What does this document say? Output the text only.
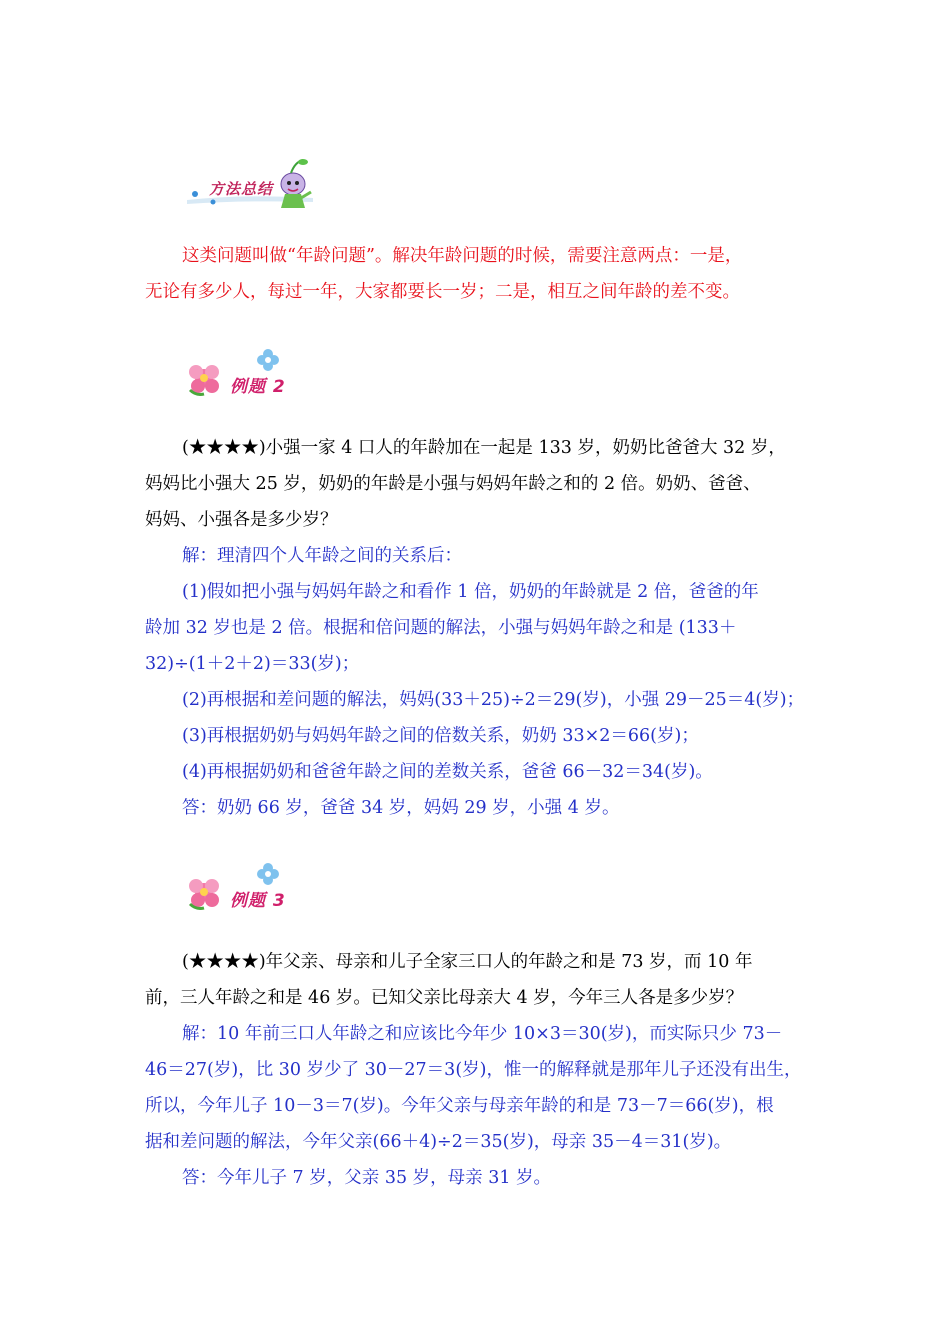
方法总结
这类问题叫做“年龄问题”。解决年龄问题的时候，需要注意两点：一是，
无论有多少人，每过一年，大家都要长一岁；二是，相互之间年龄的差不变。
例题 2
(★★★★)小强一家 4 口人的年龄加在一起是 133 岁，奶奶比爸爸大 32 岁，
妈妈比小强大 25 岁，奶奶的年龄是小强与妈妈年龄之和的 2 倍。奶奶、爸爸、
妈妈、小强各是多少岁？
解：理清四个人年龄之间的关系后：
(1)假如把小强与妈妈年龄之和看作 1 倍，奶奶的年龄就是 2 倍，爸爸的年
龄加 32 岁也是 2 倍。根据和倍问题的解法，小强与妈妈年龄之和是 (133＋
32)÷(1＋2＋2)＝33(岁)；
(2)再根据和差问题的解法，妈妈(33＋25)÷2＝29(岁)，小强 29－25＝4(岁)；
(3)再根据奶奶与妈妈年龄之间的倍数关系，奶奶 33×2＝66(岁)；
(4)再根据奶奶和爸爸年龄之间的差数关系，爸爸 66－32＝34(岁)。
答：奶奶 66 岁，爸爸 34 岁，妈妈 29 岁，小强 4 岁。
例题 3
(★★★★)年父亲、母亲和儿子全家三口人的年龄之和是 73 岁，而 10 年
前，三人年龄之和是 46 岁。已知父亲比母亲大 4 岁，今年三人各是多少岁？
解：10 年前三口人年龄之和应该比今年少 10×3＝30(岁)，而实际只少 73－
46＝27(岁)，比 30 岁少了 30－27＝3(岁)，惟一的解释就是那年儿子还没有出生，
所以，今年儿子 10－3＝7(岁)。今年父亲与母亲年龄的和是 73－7＝66(岁)，根
据和差问题的解法，今年父亲(66＋4)÷2＝35(岁)，母亲 35－4＝31(岁)。
答：今年儿子 7 岁，父亲 35 岁，母亲 31 岁。
